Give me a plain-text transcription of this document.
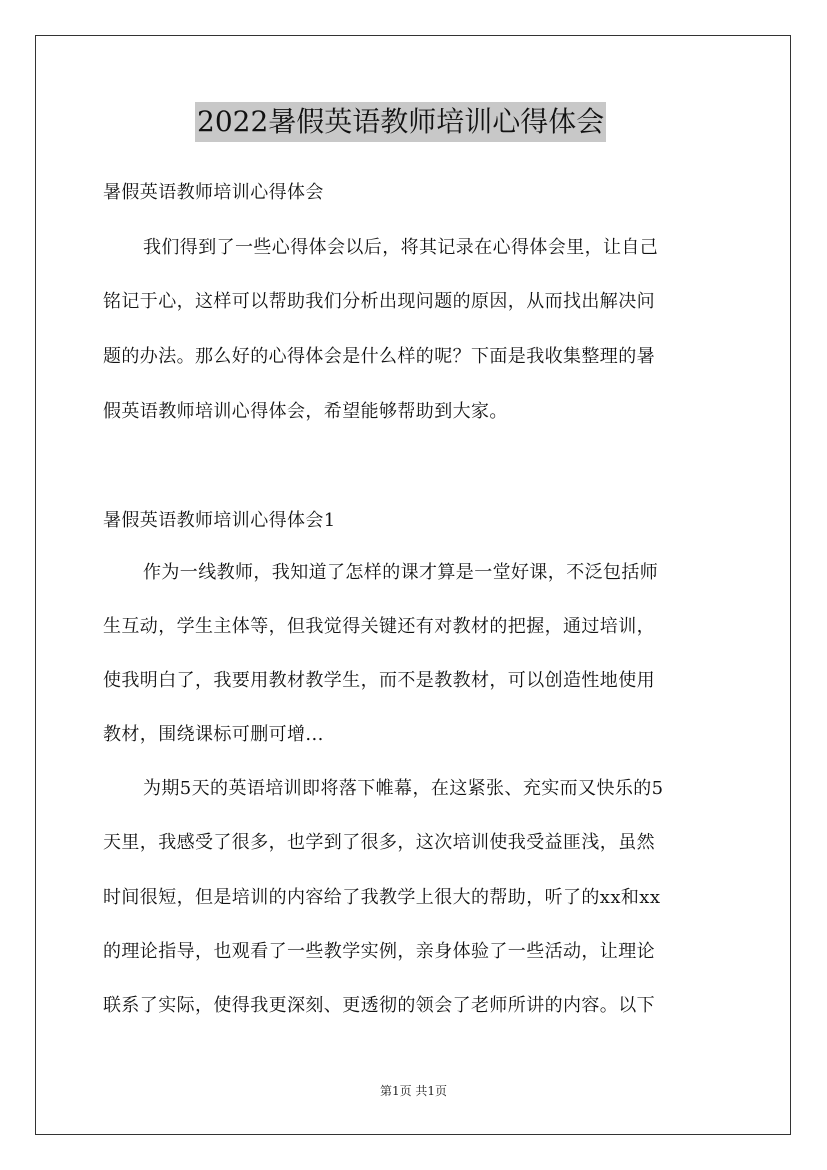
2022暑假英语教师培训心得体会
暑假英语教师培训心得体会
我们得到了一些心得体会以后，将其记录在心得体会里，让自己
铭记于心，这样可以帮助我们分析出现问题的原因，从而找出解决问
题的办法。那么好的心得体会是什么样的呢？下面是我收集整理的暑
假英语教师培训心得体会，希望能够帮助到大家。
暑假英语教师培训心得体会1
作为一线教师，我知道了怎样的课才算是一堂好课，不泛包括师
生互动，学生主体等，但我觉得关键还有对教材的把握，通过培训，
使我明白了，我要用教材教学生，而不是教教材，可以创造性地使用
教材，围绕课标可删可增...
为期5天的英语培训即将落下帷幕，在这紧张、充实而又快乐的5
天里，我感受了很多，也学到了很多，这次培训使我受益匪浅，虽然
时间很短，但是培训的内容给了我教学上很大的帮助，听了的xx和xx
的理论指导，也观看了一些教学实例，亲身体验了一些活动，让理论
联系了实际，使得我更深刻、更透彻的领会了老师所讲的内容。以下
第1页 共1页
